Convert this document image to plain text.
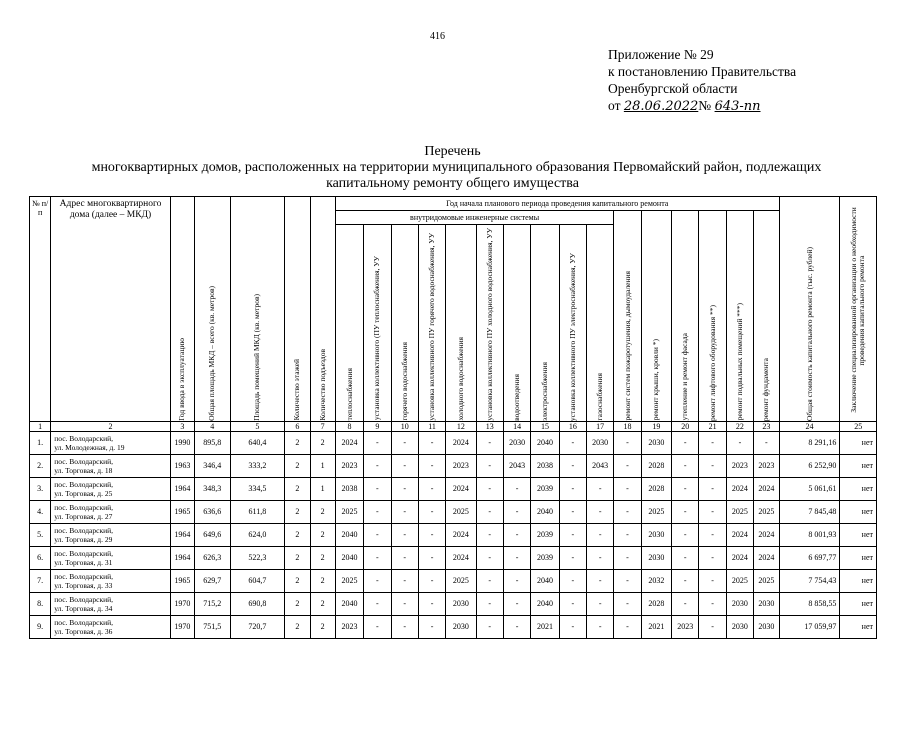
416
Приложение № 29
к постановлению Правительства
Оренбургской области
от 28.06.2022№ 643-пп
Перечень
многоквартирных домов, расположенных на территории муниципального образования Первомайский район, подлежащих
капитальному ремонту общего имущества
№ п/п	Адрес многоквартирного дома (далее – МКД)	Год ввода в эксплуатацию	Общая площадь МКД – всего (кв. метров)	Площадь помещений МКД (кв. метров)	Количество этажей	Количество подъездов	Год начала планового периода проведения капитального ремонта																Общая стоимость капитального ремонта (тыс. рублей)	Заключение специализированной организации о необходимости проведения капитального ремонта

							внутридомовые инженерные системы										ремонт систем пожаротушения, дымоудаления	ремонт крыши, кровли *)	утепление и ремонт фасада	ремонт лифтового оборудования **)	ремонт подвальных помещений ***)	ремонт фундамента		

							теплоснабжения	установка коллективного (ПУ теплоснабжения, УУ	горячего водоснабжения	установка коллективного ПУ горячего водоснабжения, УУ	холодного водоснабжения	установка коллективного ПУ холодного водоснабжения, УУ	водоотведения	электроснабжения	установка коллективного ПУ электроснабжения, УУ	газоснабжения								

1	2	3	4	5	6	7	8	9	10	11	12	13	14	15	16	17	18	19	20	21	22	23	24	25
1.	пос. Володарский,
ул. Молодежная, д. 19	1990	895,8	640,4	2	2	2024	-	-	-	2024	-	2030	2040	-	2030	-	2030	-	-	-	-	8 291,16	нет
2.	пос. Володарский,
ул. Торговая, д. 18	1963	346,4	333,2	2	1	2023	-	-	-	2023	-	2043	2038	-	2043	-	2028	-	-	2023	2023	6 252,90	нет
3.	пос. Володарский,
ул. Торговая, д. 25	1964	348,3	334,5	2	1	2038	-	-	-	2024	-	-	2039	-	-	-	2028	-	-	2024	2024	5 061,61	нет
4.	пос. Володарский,
ул. Торговая, д. 27	1965	636,6	611,8	2	2	2025	-	-	-	2025	-	-	2040	-	-	-	2025	-	-	2025	2025	7 845,48	нет
5.	пос. Володарский,
ул. Торговая, д. 29	1964	649,6	624,0	2	2	2040	-	-	-	2024	-	-	2039	-	-	-	2030	-	-	2024	2024	8 001,93	нет
6.	пос. Володарский,
ул. Торговая, д. 31	1964	626,3	522,3	2	2	2040	-	-	-	2024	-	-	2039	-	-	-	2030	-	-	2024	2024	6 697,77	нет
7.	пос. Володарский,
ул. Торговая, д. 33	1965	629,7	604,7	2	2	2025	-	-	-	2025	-	-	2040	-	-	-	2032	-	-	2025	2025	7 754,43	нет
8.	пос. Володарский,
ул. Торговая, д. 34	1970	715,2	690,8	2	2	2040	-	-	-	2030	-	-	2040	-	-	-	2028	-	-	2030	2030	8 858,55	нет
9.	пос. Володарский,
ул. Торговая, д. 36	1970	751,5	720,7	2	2	2023	-	-	-	2030	-	-	2021	-	-	-	2021	2023	-	2030	2030	17 059,97	нет
